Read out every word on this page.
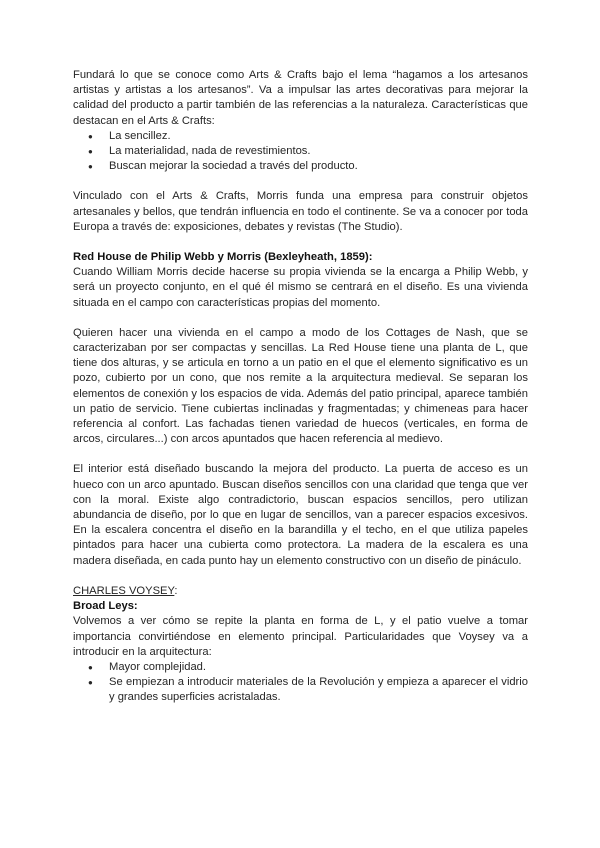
Fundará lo que se conoce como Arts & Crafts bajo el lema “hagamos a los artesanos artistas y artistas a los artesanos”. Va a impulsar las artes decorativas para mejorar la calidad del producto a partir también de las referencias a la naturaleza. Características que destacan en el Arts & Crafts:

● La sencillez.
● La materialidad, nada de revestimientos.
● Buscan mejorar la sociedad a través del producto.

Vinculado con el Arts & Crafts, Morris funda una empresa para construir objetos artesanales y bellos, que tendrán influencia en todo el continente. Se va a conocer por toda Europa a través de: exposiciones, debates y revistas (The Studio).

Red House de Philip Webb y Morris (Bexleyheath, 1859):

Cuando William Morris decide hacerse su propia vivienda se la encarga a Philip Webb, y será un proyecto conjunto, en el qué él mismo se centrará en el diseño. Es una vivienda situada en el campo con características propias del momento.

Quieren hacer una vivienda en el campo a modo de los Cottages de Nash, que se caracterizaban por ser compactas y sencillas. La Red House tiene una planta de L, que tiene dos alturas, y se articula en torno a un patio en el que el elemento significativo es un pozo, cubierto por un cono, que nos remite a la arquitectura medieval. Se separan los elementos de conexión y los espacios de vida. Además del patio principal, aparece también un patio de servicio. Tiene cubiertas inclinadas y fragmentadas; y chimeneas para hacer referencia al confort. Las fachadas tienen variedad de huecos (verticales, en forma de arcos, circulares...) con arcos apuntados que hacen referencia al medievo.

El interior está diseñado buscando la mejora del producto. La puerta de acceso es un hueco con un arco apuntado. Buscan diseños sencillos con una claridad que tenga que ver con la moral. Existe algo contradictorio, buscan espacios sencillos, pero utilizan abundancia de diseño, por lo que en lugar de sencillos, van a parecer espacios excesivos. En la escalera concentra el diseño en la barandilla y el techo, en el que utiliza papeles pintados para hacer una cubierta como protectora. La madera de la escalera es una madera diseñada, en cada punto hay un elemento constructivo con un diseño de pináculo.

CHARLES VOYSEY:

Broad Leys:

Volvemos a ver cómo se repite la planta en forma de L, y el patio vuelve a tomar importancia convirtiéndose en elemento principal. Particularidades que Voysey va a introducir en la arquitectura:

● Mayor complejidad.
● Se empiezan a introducir materiales de la Revolución y empieza a aparecer el vidrio y grandes superficies acristaladas.
